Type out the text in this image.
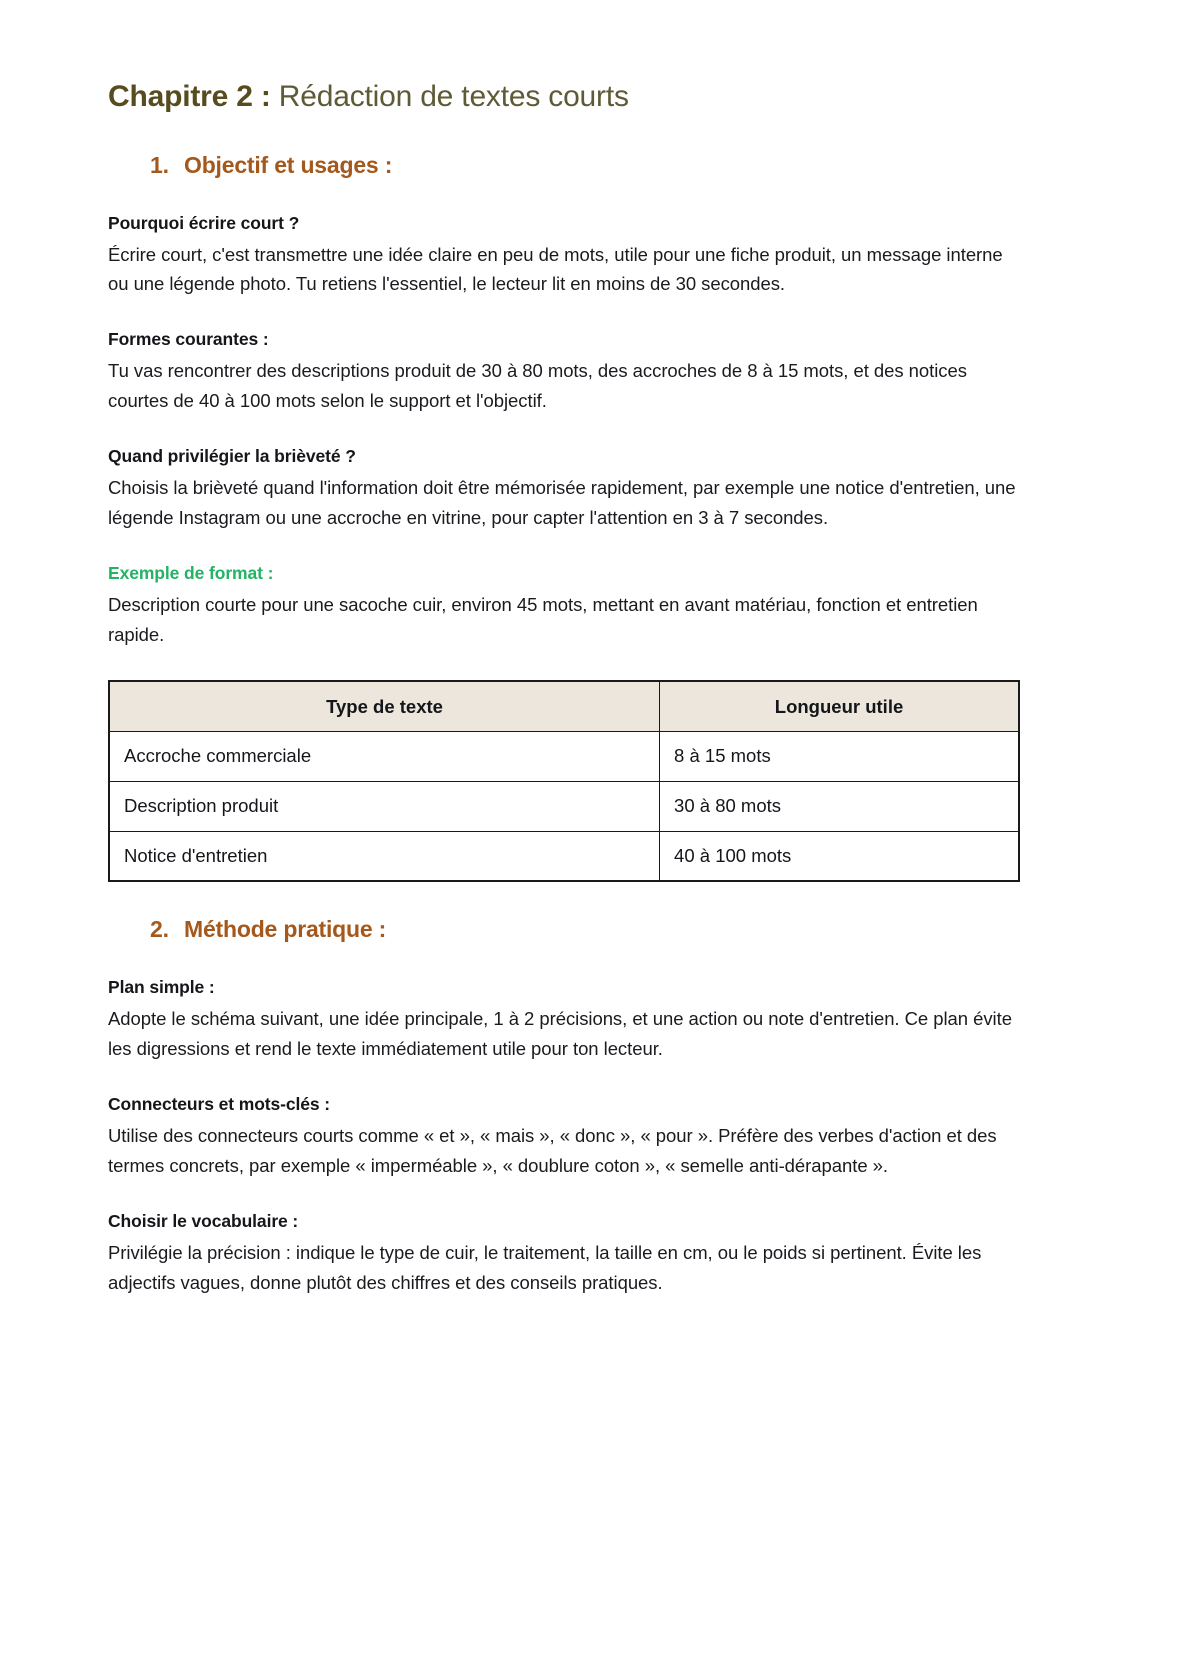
Chapitre 2 : Rédaction de textes courts
1. Objectif et usages :
Pourquoi écrire court ?

Écrire court, c'est transmettre une idée claire en peu de mots, utile pour une fiche produit, un message interne ou une légende photo. Tu retiens l'essentiel, le lecteur lit en moins de 30 secondes.

Formes courantes :

Tu vas rencontrer des descriptions produit de 30 à 80 mots, des accroches de 8 à 15 mots, et des notices courtes de 40 à 100 mots selon le support et l'objectif.

Quand privilégier la brièveté ?

Choisis la brièveté quand l'information doit être mémorisée rapidement, par exemple une notice d'entretien, une légende Instagram ou une accroche en vitrine, pour capter l'attention en 3 à 7 secondes.

Exemple de format :

Description courte pour une sacoche cuir, environ 45 mots, mettant en avant matériau, fonction et entretien rapide.

Type de texte	Longueur utile
Accroche commerciale	8 à 15 mots
Description produit	30 à 80 mots
Notice d'entretien	40 à 100 mots
2. Méthode pratique :
Plan simple :

Adopte le schéma suivant, une idée principale, 1 à 2 précisions, et une action ou note d'entretien. Ce plan évite les digressions et rend le texte immédiatement utile pour ton lecteur.

Connecteurs et mots-clés :

Utilise des connecteurs courts comme « et », « mais », « donc », « pour ». Préfère des verbes d'action et des termes concrets, par exemple « imperméable », « doublure coton », « semelle anti-dérapante ».

Choisir le vocabulaire :

Privilégie la précision : indique le type de cuir, le traitement, la taille en cm, ou le poids si pertinent. Évite les adjectifs vagues, donne plutôt des chiffres et des conseils pratiques.
